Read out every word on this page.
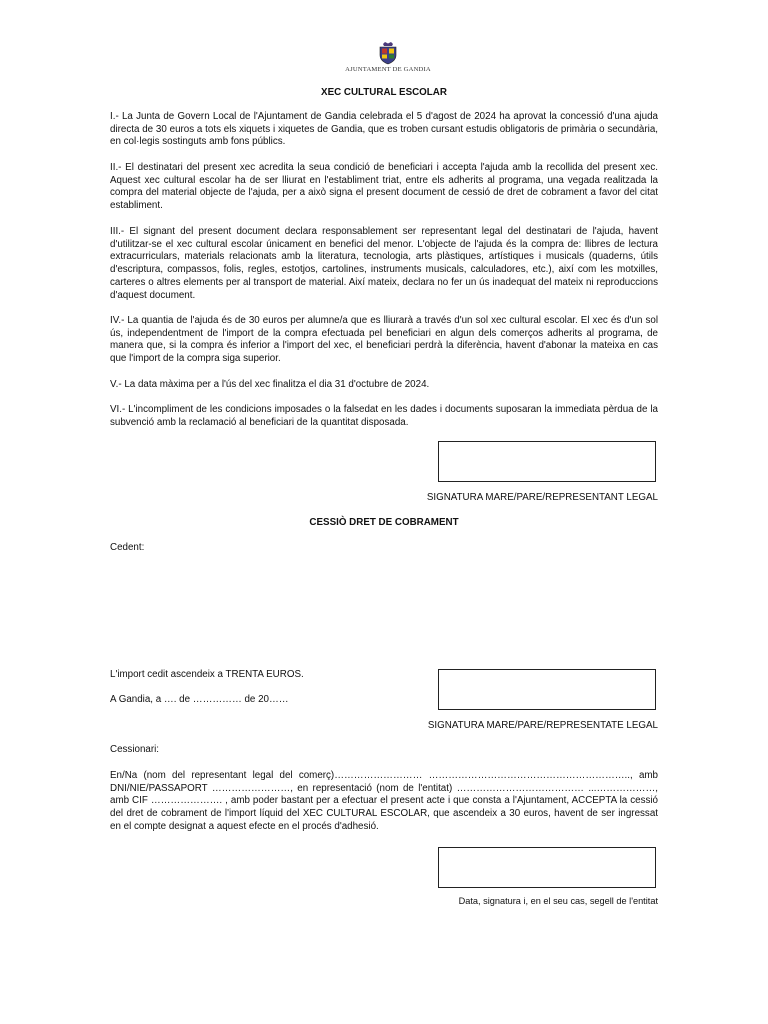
AJUNTAMENT DE GANDIA

XEC CULTURAL ESCOLAR

I.- La Junta de Govern Local de l'Ajuntament de Gandia celebrada el 5 d'agost de 2024 ha aprovat la concessió d'una ajuda directa de 30 euros a tots els xiquets i xiquetes de Gandia, que es troben cursant estudis obligatoris de primària o secundària, en col·legis sostinguts amb fons públics.

II.- El destinatari del present xec acredita la seua condició de beneficiari i accepta l'ajuda amb la recollida del present xec. Aquest xec cultural escolar ha de ser lliurat en l'establiment triat, entre els adherits al programa, una vegada realitzada la compra del material objecte de l'ajuda, per a això signa el present document de cessió de dret de cobrament a favor del citat establiment.

III.- El signant del present document declara responsablement ser representant legal del destinatari de l'ajuda, havent d'utilitzar-se el xec cultural escolar únicament en benefici del menor. L'objecte de l'ajuda és la compra de: llibres de lectura extracurriculars, materials relacionats amb la literatura, tecnologia, arts plàstiques, artístiques i musicals (quaderns, útils d'escriptura, compassos, folis, regles, estotjos, cartolines, instruments musicals, calculadores, etc.), així com les motxilles, carteres o altres elements per al transport de material. Així mateix, declara no fer un ús inadequat del mateix ni reproduccions d'aquest document.

IV.- La quantia de l'ajuda és de 30 euros per alumne/a que es lliurarà a través d'un sol xec cultural escolar. El xec és d'un sol ús, independentment de l'import de la compra efectuada pel beneficiari en algun dels comerços adherits al programa, de manera que, si la compra és inferior a l'import del xec, el beneficiari perdrà la diferència, havent d'abonar la mateixa en cas que l'import de la compra siga superior.

V.- La data màxima per a l'ús del xec finalitza el dia 31 d'octubre de 2024.

VI.- L'incompliment de les condicions imposades o la falsedat en les dades i documents suposaran la immediata pèrdua de la subvenció amb la reclamació al beneficiari de la quantitat disposada.

SIGNATURA MARE/PARE/REPRESENTANT LEGAL

CESSIÒ DRET DE COBRAMENT

Cedent:

L'import cedit ascendeix a TRENTA EUROS.

A Gandia, a …. de …………… de 20……

SIGNATURA MARE/PARE/REPRESENTATE LEGAL

Cessionari:

En/Na (nom del representant legal del comerç)……………………… …………………………………………………….., amb DNI/NIE/PASSAPORT ……………………, en representació (nom de l'entitat) ………………………………… ...………………, amb CIF …………………. , amb poder bastant per a efectuar el present acte i que consta a l'Ajuntament, ACCEPTA la cessió del dret de cobrament de l'import líquid del XEC CULTURAL ESCOLAR, que ascendeix a 30 euros, havent de ser ingressat en el compte designat a aquest efecte en el procés d'adhesió.

Data, signatura i, en el seu cas, segell de l'entitat
